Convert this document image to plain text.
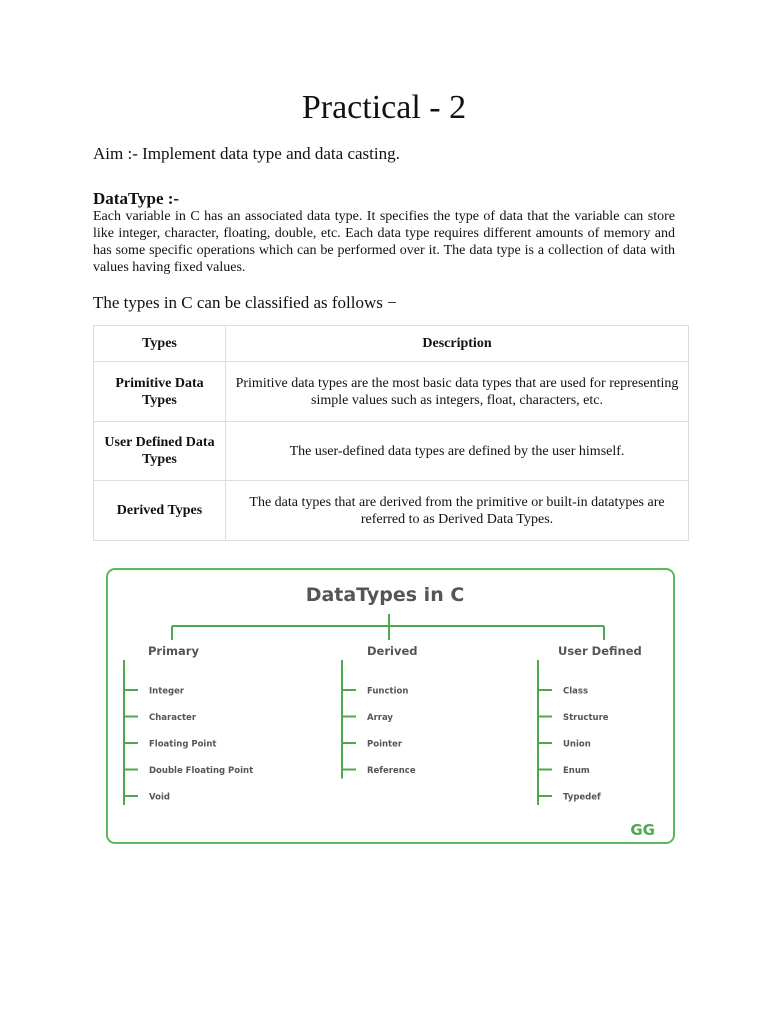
Practical - 2
Aim :- Implement data type and data casting.
DataType :-
Each variable in C has an associated data type. It specifies the type of data that the variable can store like integer, character, floating, double, etc. Each data type requires different amounts of memory and has some specific operations which can be performed over it. The data type is a collection of data with values having fixed values.
The types in C can be classified as follows −
Types	Description
Primitive Data Types	Primitive data types are the most basic data types that are used for representing simple values such as integers, float, characters, etc.
User Defined Data Types	The user-defined data types are defined by the user himself.
Derived Types	The data types that are derived from the primitive or built-in datatypes are referred to as Derived Data Types.
DataTypes in C
Primary
Integer
Character
Floating Point
Double Floating Point
Void
Derived
Function
Array
Pointer
Reference
User Defined
Class
Structure
Union
Enum
Typedef
GG
